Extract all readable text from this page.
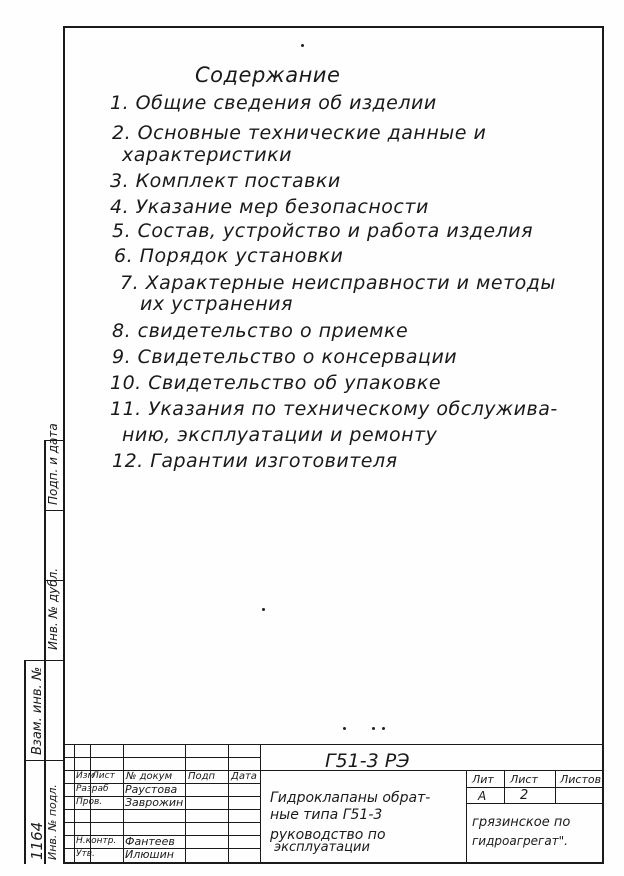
Содержание
1. Общие сведения об изделии
2. Основные технические данные и
характеристики
3. Комплект поставки
4. Указание мер безопасности
5. Состав, устройство и работа изделия
6. Порядок установки
7. Характерные неисправности и методы
их устранения
8. свидетельство о приемке
9. Свидетельство о консервации
10. Свидетельство об упаковке
11. Указания по техническому обслужива-
нию, эксплуатации и ремонту
12. Гарантии изготовителя
Подп. и дата
Инв. № дубл.
Взам. инв. №
1164 Инв. № подл.
Изм
Лист № докум Подп Дата
Разраб Раустова
Пров. Заврожин
Н.контр. Фантеев
Утв.	Илюшин
Г51-3 РЭ
Гидроклапаны обрат-
ные типа Г51-3
руководство по
эксплуатации
Лит Лист Листов
А	2
грязинское по
гидроагрегат".
